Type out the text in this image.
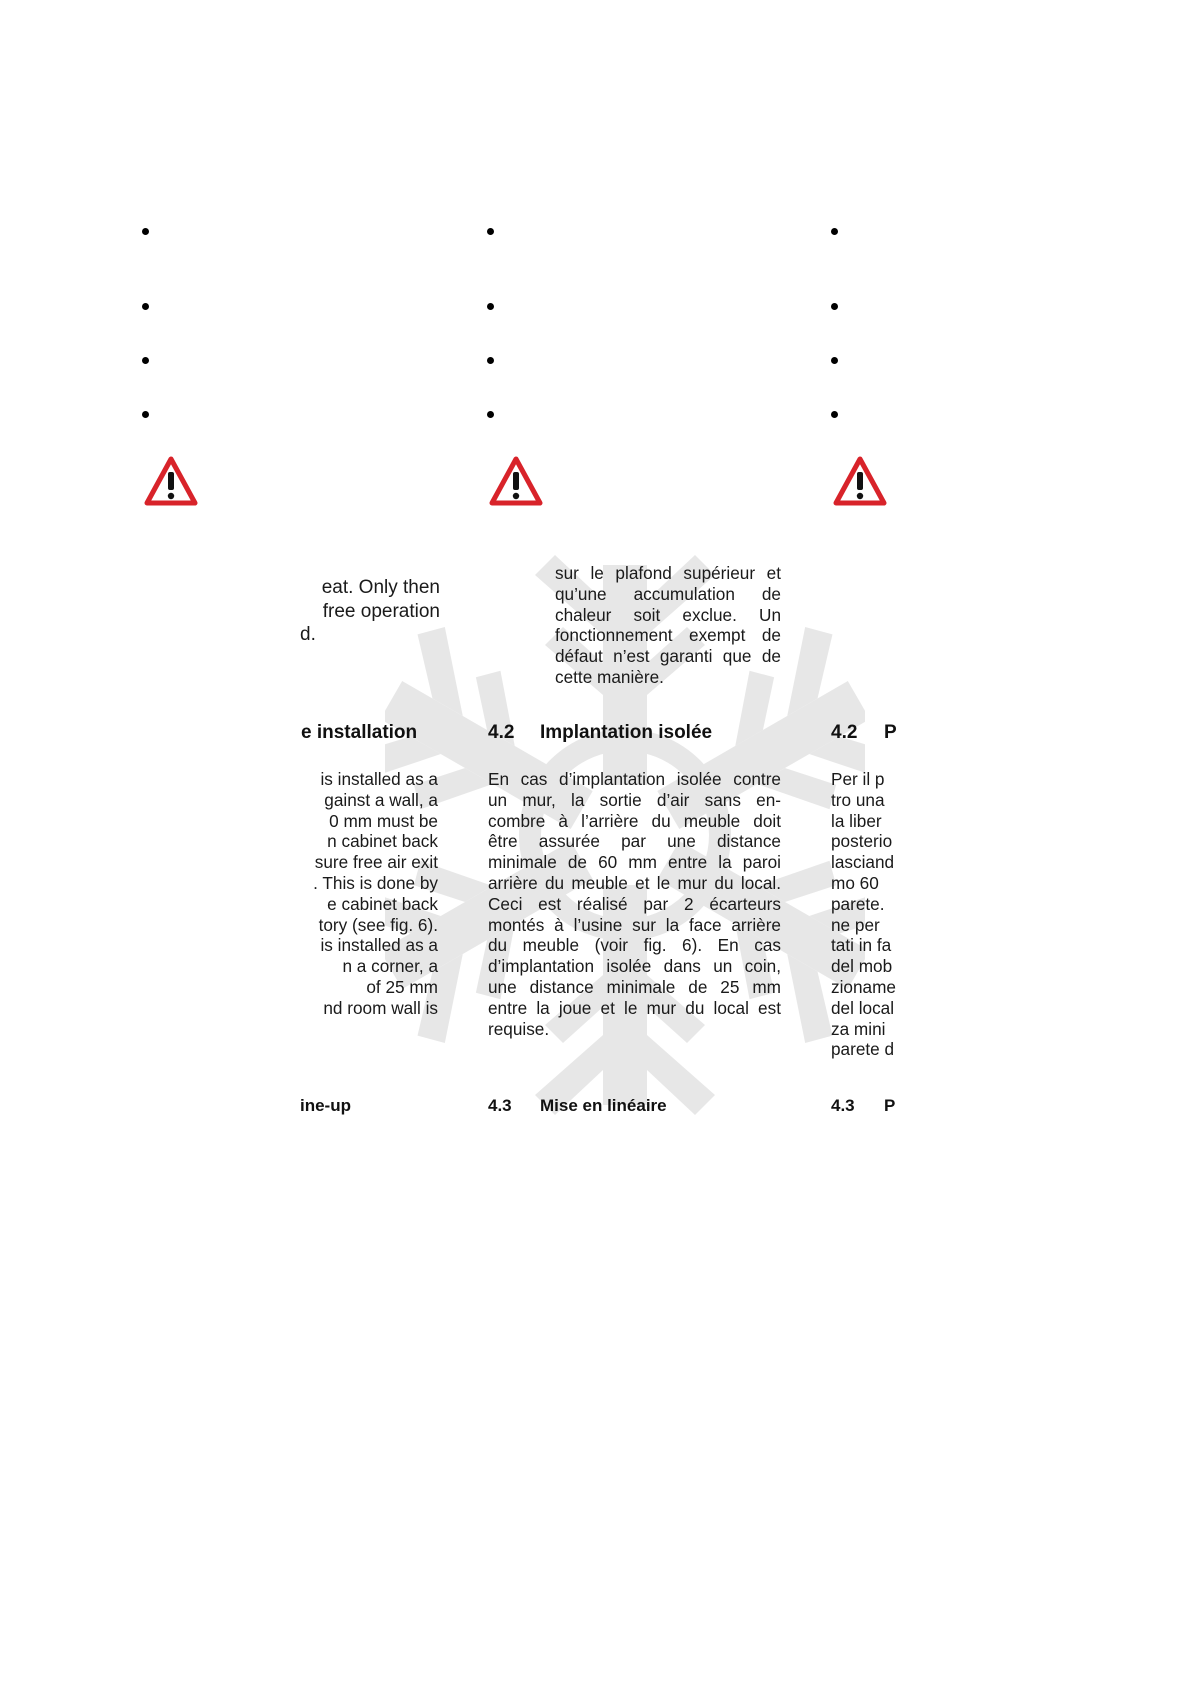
eat. Only then
free operation
d.
sur le plafond supérieur et
qu’une accumulation de
chaleur soit exclue. Un
fonctionnement exempt de
défaut n’est garanti que de
cette manière.
e installation	4.2 Implantation isolée	4.2 P
is installed as a
gainst a wall, a
0 mm must be
n cabinet back
sure free air exit
. This is done by
e cabinet back
tory (see fig. 6).
is installed as a
n a corner, a
of 25 mm
nd room wall is
En cas d’implantation isolée contre
un mur, la sortie d’air sans en-
combre à l’arrière du meuble doit
être assurée par une distance
minimale de 60 mm entre la paroi
arrière du meuble et le mur du local.
Ceci est réalisé par 2 écarteurs
montés à l’usine sur la face arrière
du meuble (voir fig. 6). En cas
d’implantation isolée dans un coin,
une distance minimale de 25 mm
entre la joue et le mur du local est
requise.
Per il p
tro una
la liber
posterio
lasciand
mo 60
parete.
ne per
tati in fa
del mob
zioname
del local
za mini
parete d
ine-up	4.3 Mise en linéaire	4.3 P
